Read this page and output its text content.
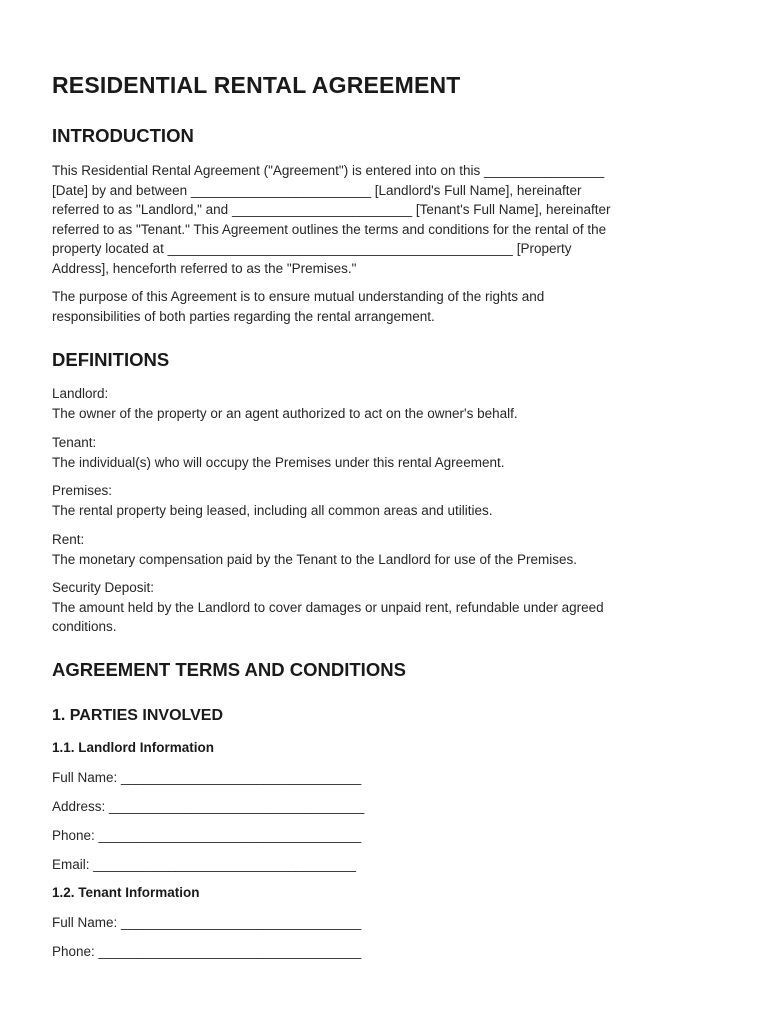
RESIDENTIAL RENTAL AGREEMENT
INTRODUCTION
This Residential Rental Agreement ("Agreement") is entered into on this ________________
[Date] by and between ________________________ [Landlord's Full Name], hereinafter
referred to as "Landlord," and ________________________ [Tenant's Full Name], hereinafter
referred to as "Tenant." This Agreement outlines the terms and conditions for the rental of the
property located at ______________________________________________ [Property
Address], henceforth referred to as the "Premises."
The purpose of this Agreement is to ensure mutual understanding of the rights and
responsibilities of both parties regarding the rental arrangement.
DEFINITIONS
Landlord:
The owner of the property or an agent authorized to act on the owner's behalf.
Tenant:
The individual(s) who will occupy the Premises under this rental Agreement.
Premises:
The rental property being leased, including all common areas and utilities.
Rent:
The monetary compensation paid by the Tenant to the Landlord for use of the Premises.
Security Deposit:
The amount held by the Landlord to cover damages or unpaid rent, refundable under agreed
conditions.
AGREEMENT TERMS AND CONDITIONS
1. PARTIES INVOLVED
1.1. Landlord Information
Full Name: ________________________________
Address: __________________________________
Phone: ___________________________________
Email: ___________________________________
1.2. Tenant Information
Full Name: ________________________________
Phone: ___________________________________
